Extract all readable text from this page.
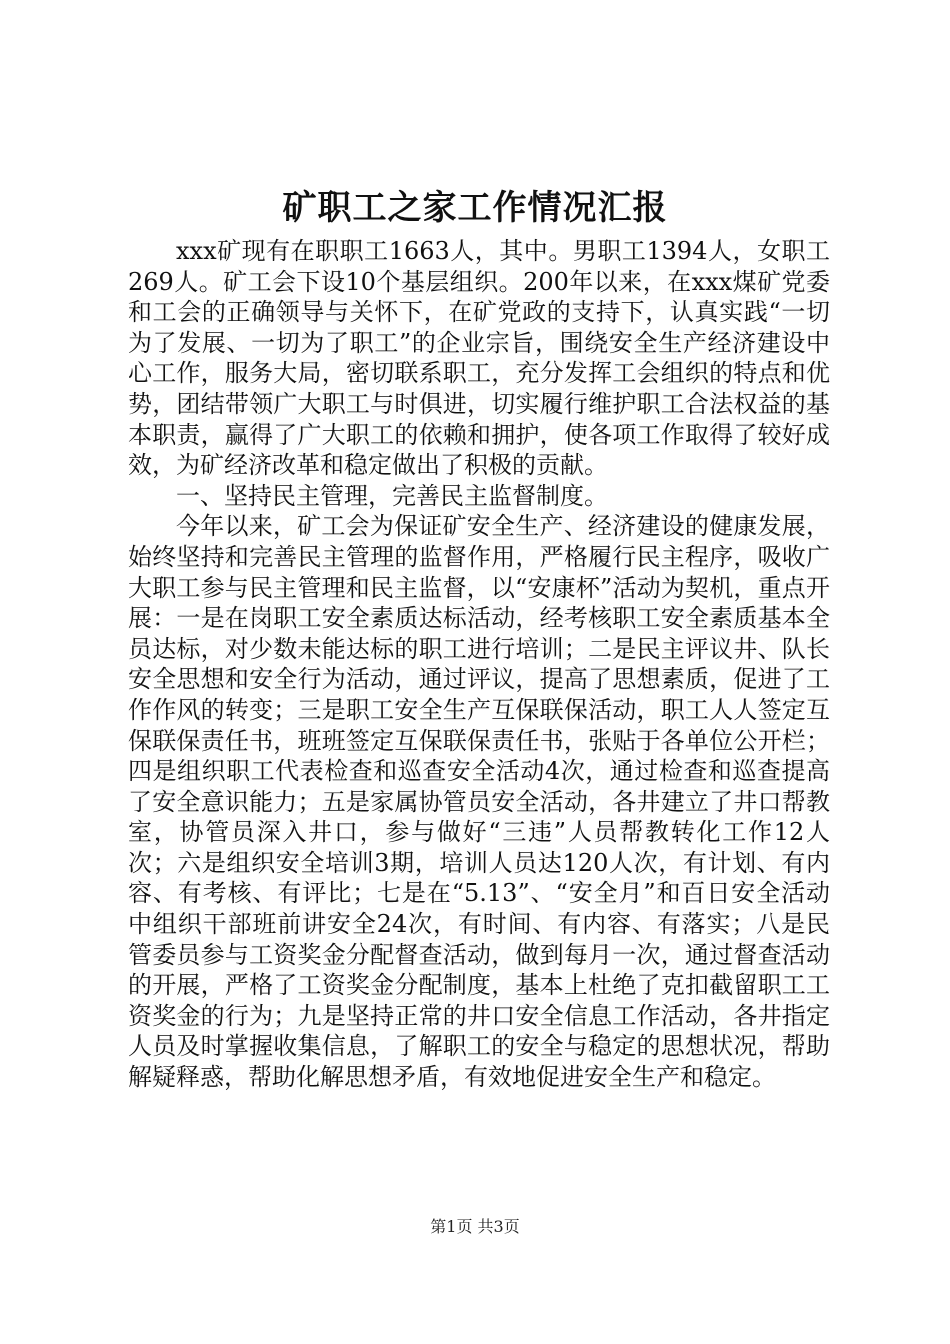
矿职工之家工作情况汇报

xxx矿现有在职职工1663人，其中。男职工1394人，女职工269人。矿工会下设10个基层组织。200年以来，在xxx煤矿党委和工会的正确领导与关怀下，在矿党政的支持下，认真实践“一切为了发展、一切为了职工”的企业宗旨，围绕安全生产经济建设中心工作，服务大局，密切联系职工，充分发挥工会组织的特点和优势，团结带领广大职工与时俱进，切实履行维护职工合法权益的基本职责，赢得了广大职工的依赖和拥护，使各项工作取得了较好成效，为矿经济改革和稳定做出了积极的贡献。

一、坚持民主管理，完善民主监督制度。

今年以来，矿工会为保证矿安全生产、经济建设的健康发展，始终坚持和完善民主管理的监督作用，严格履行民主程序，吸收广大职工参与民主管理和民主监督，以“安康杯”活动为契机，重点开展：一是在岗职工安全素质达标活动，经考核职工安全素质基本全员达标，对少数未能达标的职工进行培训；二是民主评议井、队长安全思想和安全行为活动，通过评议，提高了思想素质，促进了工作作风的转变；三是职工安全生产互保联保活动，职工人人签定互保联保责任书，班班签定互保联保责任书，张贴于各单位公开栏；四是组织职工代表检查和巡查安全活动4次，通过检查和巡查提高了安全意识能力；五是家属协管员安全活动，各井建立了井口帮教室，协管员深入井口，参与做好“三违”人员帮教转化工作12人次；六是组织安全培训3期，培训人员达120人次，有计划、有内容、有考核、有评比；七是在“5.13”、“安全月”和百日安全活动中组织干部班前讲安全24次，有时间、有内容、有落实；八是民管委员参与工资奖金分配督查活动，做到每月一次，通过督查活动的开展，严格了工资奖金分配制度，基本上杜绝了克扣截留职工工资奖金的行为；九是坚持正常的井口安全信息工作活动，各井指定人员及时掌握收集信息，了解职工的安全与稳定的思想状况，帮助解疑释惑，帮助化解思想矛盾，有效地促进安全生产和稳定。

第1页 共3页
